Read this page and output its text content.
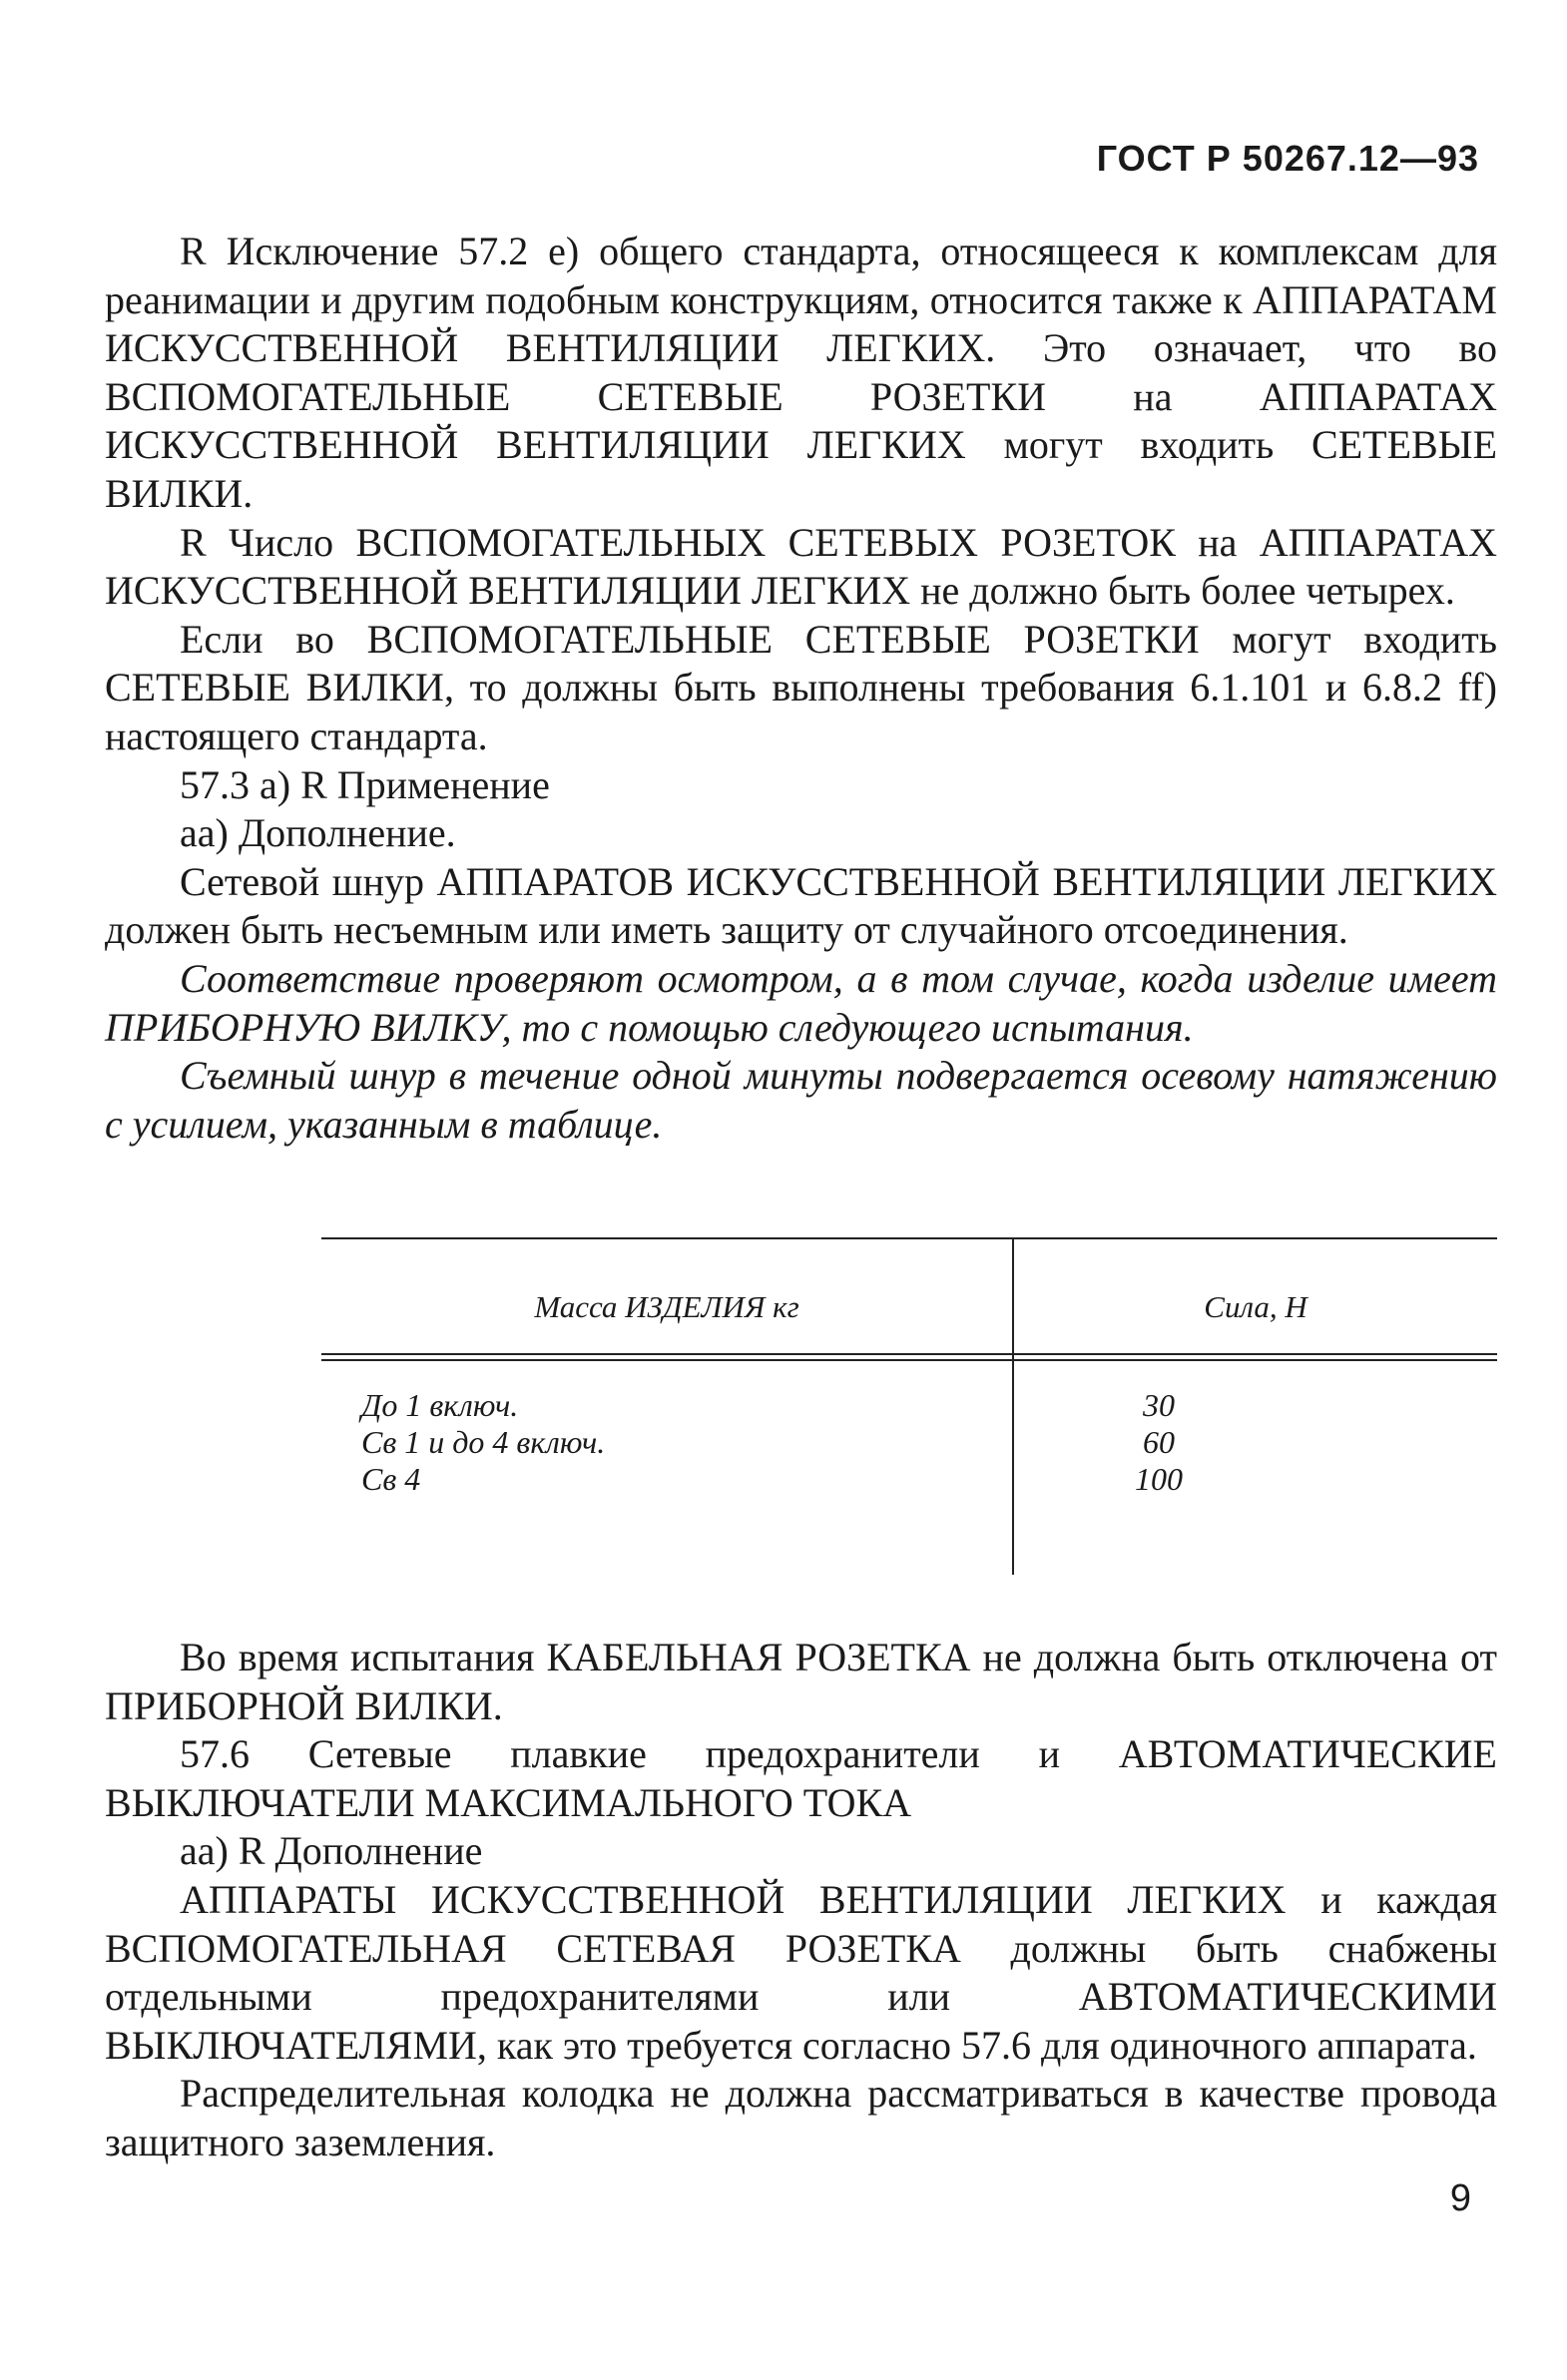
ГОСТ Р 50267.12—93

R Исключение 57.2 е) общего стандарта, относящееся к комплексам для реанимации и другим подобным конструкциям, относится также к АППАРАТАМ ИСКУССТВЕННОЙ ВЕНТИЛЯЦИИ ЛЕГКИХ. Это означает, что во ВСПОМОГАТЕЛЬНЫЕ СЕТЕВЫЕ РОЗЕТКИ на АППАРАТАХ ИСКУССТВЕННОЙ ВЕНТИЛЯЦИИ ЛЕГКИХ могут входить СЕТЕВЫЕ ВИЛКИ.

R Число ВСПОМОГАТЕЛЬНЫХ СЕТЕВЫХ РОЗЕТОК на АППАРАТАХ ИСКУССТВЕННОЙ ВЕНТИЛЯЦИИ ЛЕГКИХ не должно быть более четырех.

Если во ВСПОМОГАТЕЛЬНЫЕ СЕТЕВЫЕ РОЗЕТКИ могут входить СЕТЕВЫЕ ВИЛКИ, то должны быть выполнены требования 6.1.101 и 6.8.2 ff) настоящего стандарта.

57.3 а) R Применение

аа) Дополнение.

Сетевой шнур АППАРАТОВ ИСКУССТВЕННОЙ ВЕНТИЛЯЦИИ ЛЕГКИХ должен быть несъемным или иметь защиту от случайного отсоединения.

Соответствие проверяют осмотром, а в том случае, когда изделие имеет ПРИБОРНУЮ ВИЛКУ, то с помощью следующего испытания.

Съемный шнур в течение одной минуты подвергается осевому натяжению с усилием, указанным в таблице.

Масса ИЗДЕЛИЯ кг	Сила, Н
До 1 включ.
Св 1 и до 4 включ.
Св 4
30
60
100

Во время испытания КАБЕЛЬНАЯ РОЗЕТКА не должна быть отключена от ПРИБОРНОЙ ВИЛКИ.

57.6 Сетевые плавкие предохранители и АВТОМАТИЧЕСКИЕ ВЫКЛЮЧАТЕЛИ МАКСИМАЛЬНОГО ТОКА

аа) R Дополнение

АППАРАТЫ ИСКУССТВЕННОЙ ВЕНТИЛЯЦИИ ЛЕГКИХ и каждая ВСПОМОГАТЕЛЬНАЯ СЕТЕВАЯ РОЗЕТКА должны быть снабжены отдельными предохранителями или АВТОМАТИЧЕСКИМИ ВЫКЛЮЧАТЕЛЯМИ, как это требуется согласно 57.6 для одиночного аппарата.

Распределительная колодка не должна рассматриваться в качестве провода защитного заземления.

9
